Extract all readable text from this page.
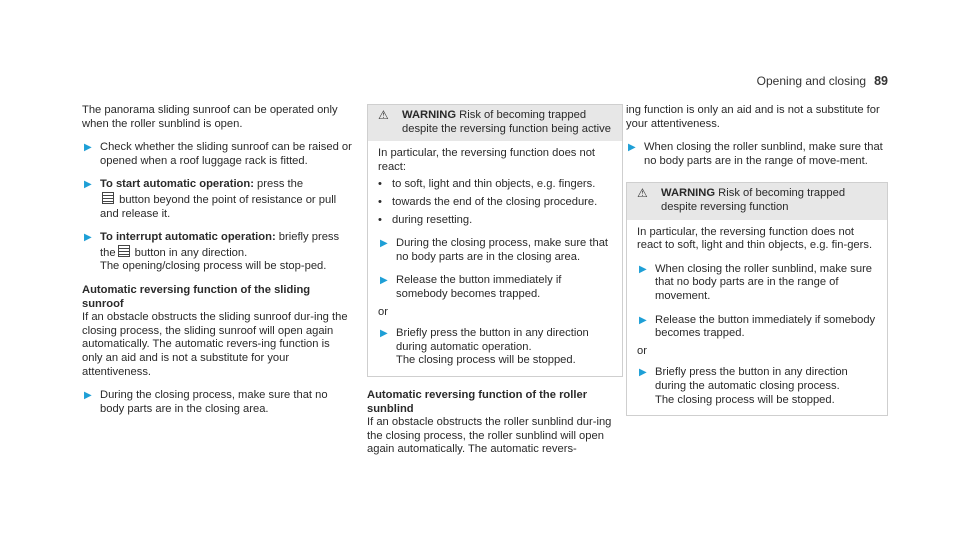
Opening and closing 89

The panorama sliding sunroof can be operated only when the roller sunblind is open.

▶ Check whether the sliding sunroof can be raised or opened when a roof luggage rack is fitted.
▶ To start automatic operation: press the
button beyond the point of resistance or pull and release it.
▶ To interrupt automatic operation: briefly press the button in any direction.
The opening/closing process will be stop-ped.
Automatic reversing function of the sliding sunroof

If an obstacle obstructs the sliding sunroof dur-ing the closing process, the sliding sunroof will open again automatically. The automatic revers-ing function is only an aid and is not a substitute for your attentiveness.

▶ During the closing process, make sure that no body parts are in the closing area.
⚠	WARNING Risk of becoming trapped despite the reversing function being active

In particular, the reversing function does not react:

• to soft, light and thin objects, e.g. fingers.
• towards the end of the closing procedure.
• during resetting.
▶ During the closing process, make sure that no body parts are in the closing area.
▶ Release the button immediately if somebody becomes trapped.
or
▶ Briefly press the button in any direction during automatic operation.
The closing process will be stopped.
Automatic reversing function of the roller sunblind

If an obstacle obstructs the roller sunblind dur-ing the closing process, the roller sunblind will open again automatically. The automatic revers-

ing function is only an aid and is not a substitute for your attentiveness.

▶ When closing the roller sunblind, make sure that no body parts are in the range of move-ment.
⚠	WARNING Risk of becoming trapped despite reversing function

In particular, the reversing function does not react to soft, light and thin objects, e.g. fin-gers.

▶ When closing the roller sunblind, make sure that no body parts are in the range of movement.
▶ Release the button immediately if somebody becomes trapped.
or
▶ Briefly press the button in any direction during the automatic closing process.
The closing process will be stopped.
